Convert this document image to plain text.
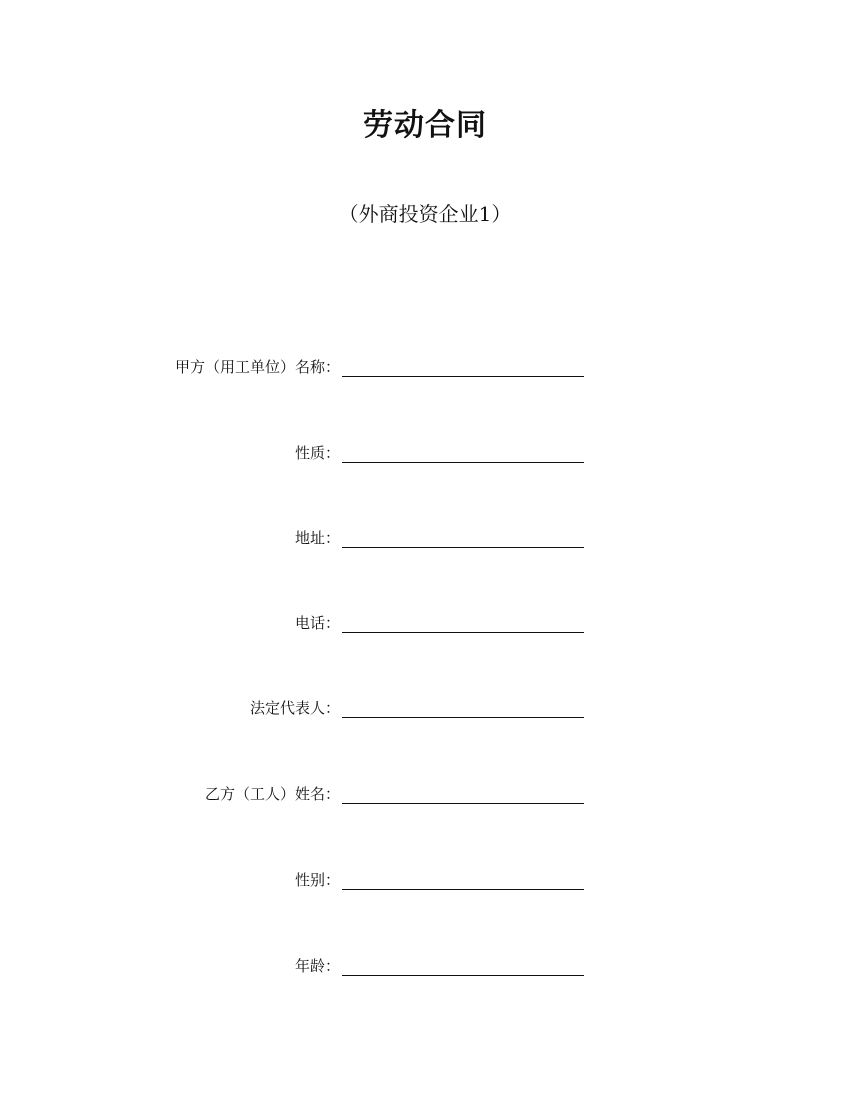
劳动合同
（外商投资企业1）
甲方（用工单位）名称：
性质：
地址：
电话：
法定代表人：
乙方（工人）姓名：
性别：
年龄：
